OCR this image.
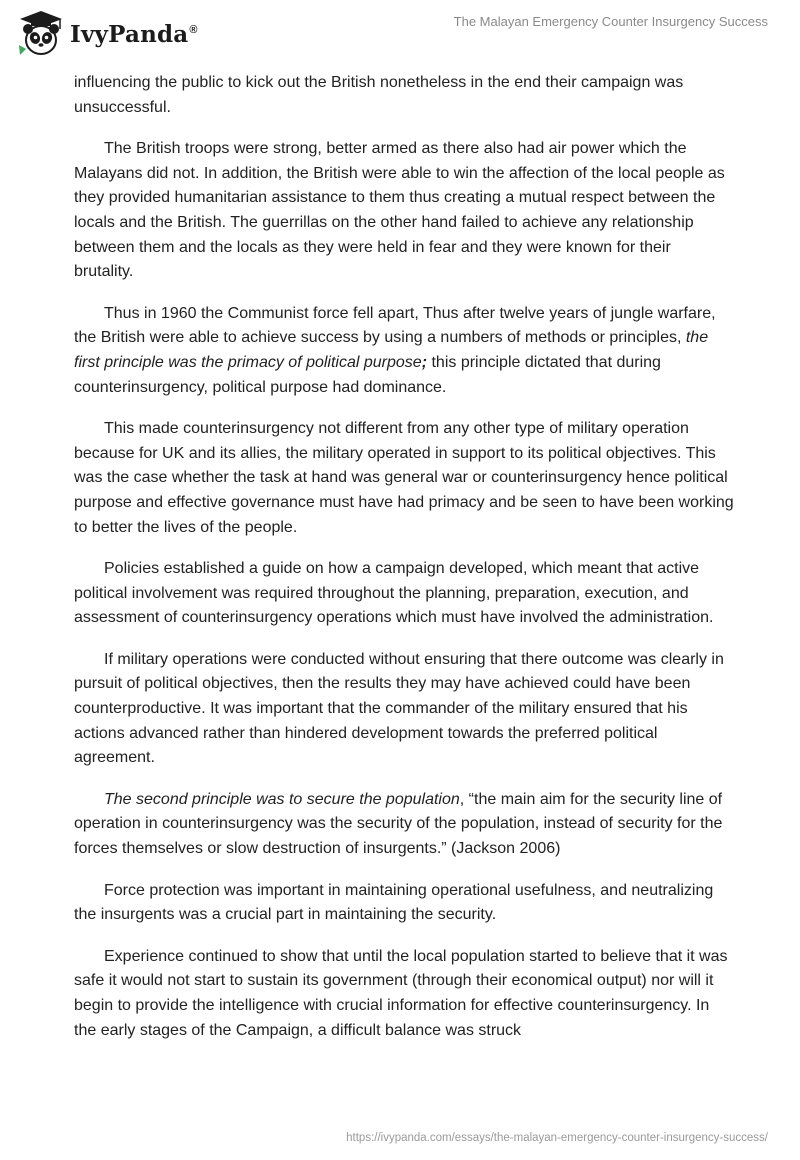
IvyPanda®
The Malayan Emergency Counter Insurgency Success

influencing the public to kick out the British nonetheless in the end their campaign was unsuccessful.

The British troops were strong, better armed as there also had air power which the Malayans did not. In addition, the British were able to win the affection of the local people as they provided humanitarian assistance to them thus creating a mutual respect between the locals and the British. The guerrillas on the other hand failed to achieve any relationship between them and the locals as they were held in fear and they were known for their brutality.

Thus in 1960 the Communist force fell apart, Thus after twelve years of jungle warfare, the British were able to achieve success by using a numbers of methods or principles, the first principle was the primacy of political purpose; this principle dictated that during counterinsurgency, political purpose had dominance.

This made counterinsurgency not different from any other type of military operation because for UK and its allies, the military operated in support to its political objectives. This was the case whether the task at hand was general war or counterinsurgency hence political purpose and effective governance must have had primacy and be seen to have been working to better the lives of the people.

Policies established a guide on how a campaign developed, which meant that active political involvement was required throughout the planning, preparation, execution, and assessment of counterinsurgency operations which must have involved the administration.

If military operations were conducted without ensuring that there outcome was clearly in pursuit of political objectives, then the results they may have achieved could have been counterproductive. It was important that the commander of the military ensured that his actions advanced rather than hindered development towards the preferred political agreement.

The second principle was to secure the population, “the main aim for the security line of operation in counterinsurgency was the security of the population, instead of security for the forces themselves or slow destruction of insurgents.” (Jackson 2006)

Force protection was important in maintaining operational usefulness, and neutralizing the insurgents was a crucial part in maintaining the security.

Experience continued to show that until the local population started to believe that it was safe it would not start to sustain its government (through their economical output) nor will it begin to provide the intelligence with crucial information for effective counterinsurgency. In the early stages of the Campaign, a difficult balance was struck

https://ivypanda.com/essays/the-malayan-emergency-counter-insurgency-success/
